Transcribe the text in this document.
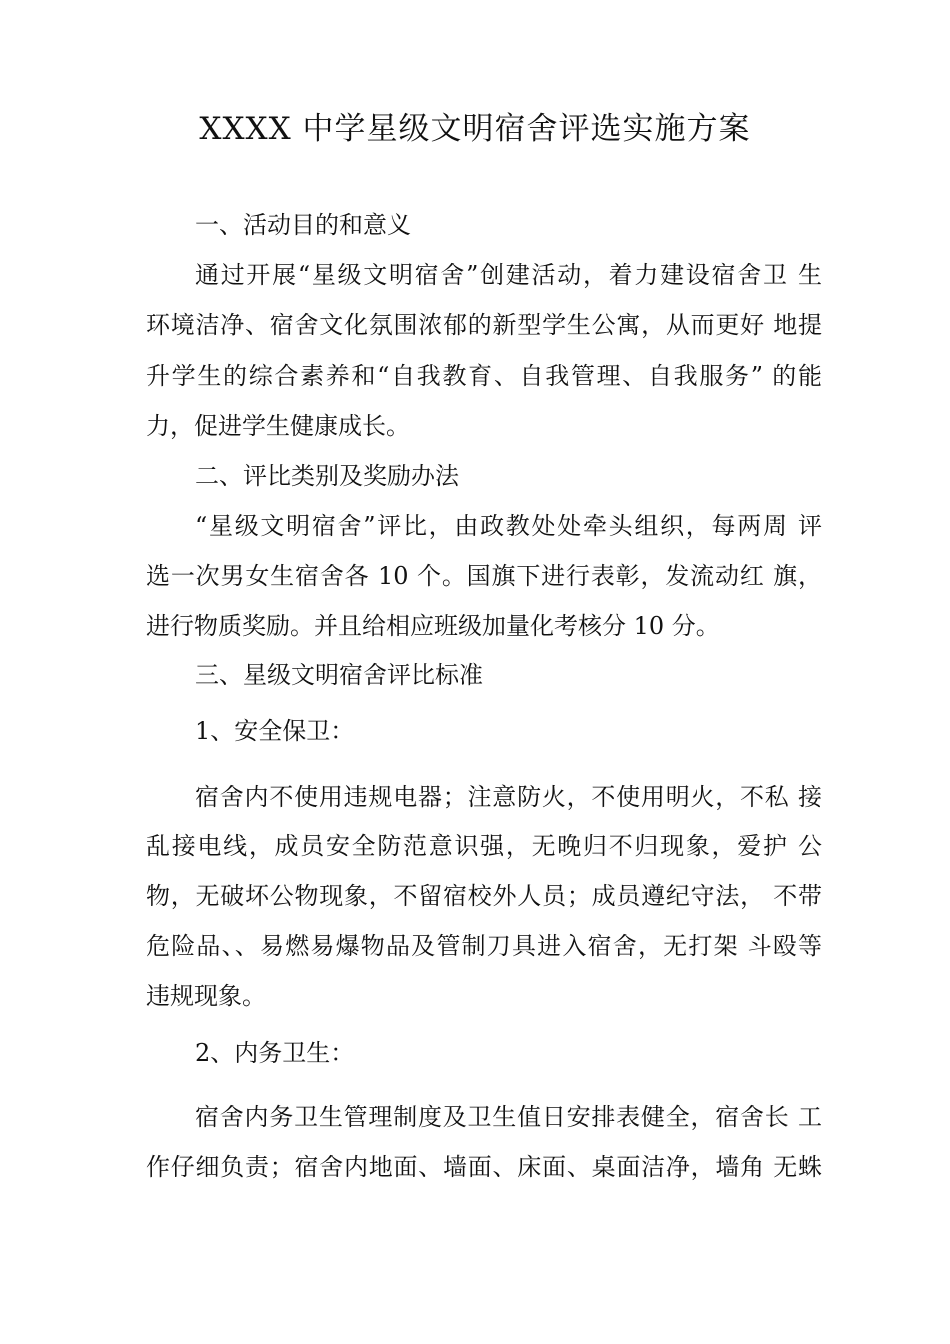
XXXX 中学星级文明宿舍评选实施方案
一、活动目的和意义
通过开展“星级文明宿舍”创建活动，着力建设宿舍卫 生
环境洁净、宿舍文化氛围浓郁的新型学生公寓，从而更好 地提
升学生的综合素养和“自我教育、自我管理、自我服务” 的能
力，促进学生健康成长。
二、评比类别及奖励办法
“星级文明宿舍”评比，由政教处处牵头组织，每两周 评
选一次男女生宿舍各 10 个。国旗下进行表彰，发流动红 旗，
进行物质奖励。并且给相应班级加量化考核分 10 分。
三、星级文明宿舍评比标准
1、安全保卫：
宿舍内不使用违规电器；注意防火，不使用明火，不私 接
乱接电线，成员安全防范意识强，无晚归不归现象，爱护 公
物，无破坏公物现象，不留宿校外人员；成员遵纪守法， 不带
危险品、、易燃易爆物品及管制刀具进入宿舍，无打架 斗殴等
违规现象。
2、内务卫生：
宿舍内务卫生管理制度及卫生值日安排表健全，宿舍长 工
作仔细负责；宿舍内地面、墙面、床面、桌面洁净，墙角 无蛛
